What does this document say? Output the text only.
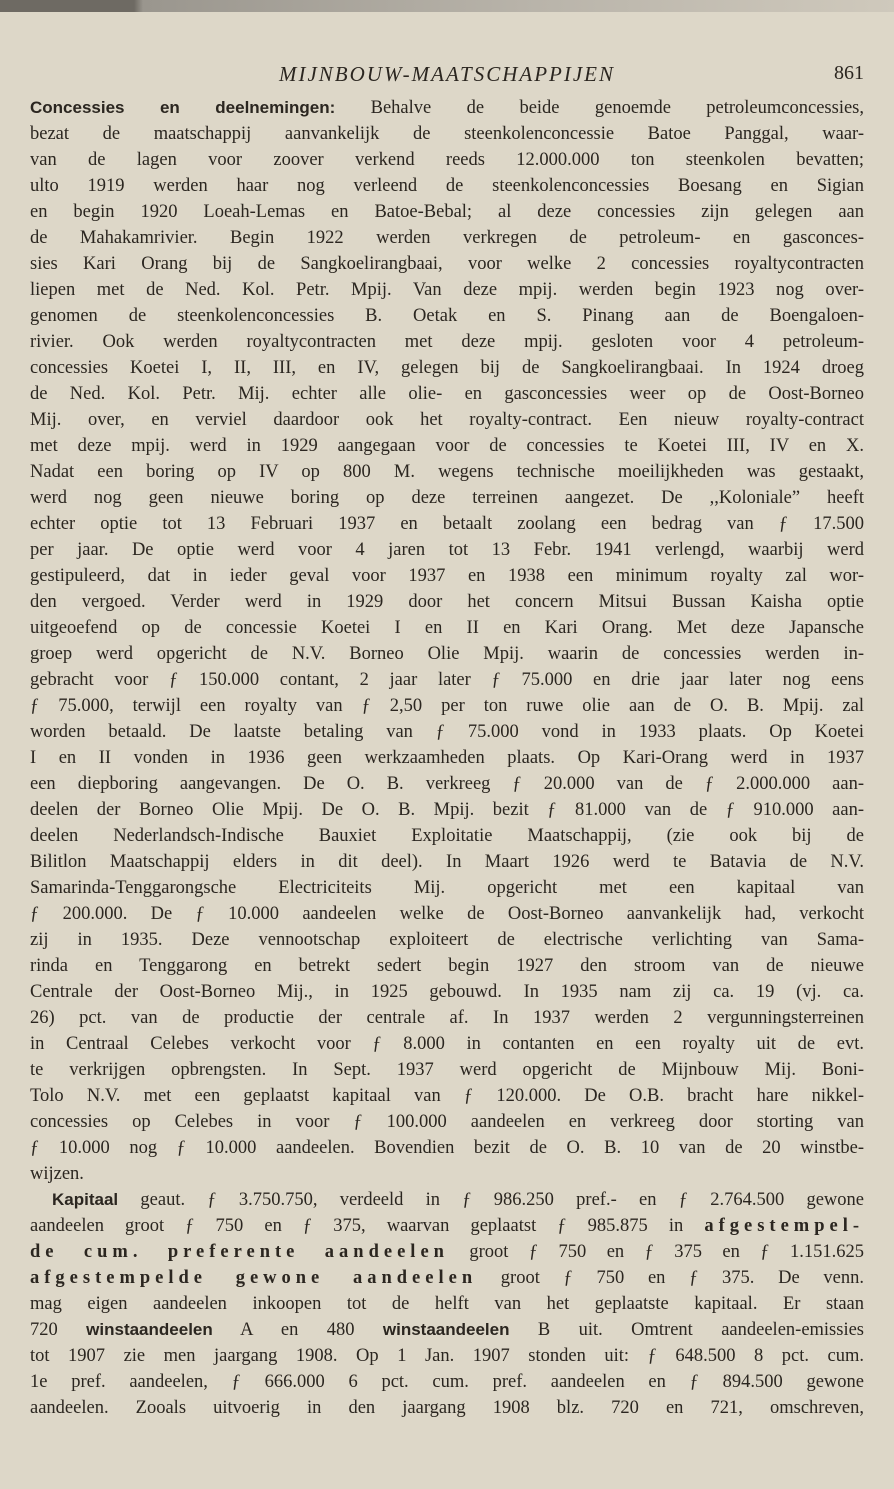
MIJNBOUW-MAATSCHAPPIJEN	861
Concessies en deelnemingen: Behalve de beide genoemde petroleumconcessies,
bezat de maatschappij aanvankelijk de steenkolenconcessie Batoe Panggal, waar-
van de lagen voor zoover verkend reeds 12.000.000 ton steenkolen bevatten;
ulto 1919 werden haar nog verleend de steenkolenconcessies Boesang en Sigian
en begin 1920 Loeah-Lemas en Batoe-Bebal; al deze concessies zijn gelegen aan
de Mahakamrivier. Begin 1922 werden verkregen de petroleum- en gasconces-
sies Kari Orang bij de Sangkoelirangbaai, voor welke 2 concessies royaltycontracten
liepen met de Ned. Kol. Petr. Mpij. Van deze mpij. werden begin 1923 nog over-
genomen de steenkolenconcessies B. Oetak en S. Pinang aan de Boengaloen-
rivier. Ook werden royaltycontracten met deze mpij. gesloten voor 4 petroleum-
concessies Koetei I, II, III, en IV, gelegen bij de Sangkoelirangbaai. In 1924 droeg
de Ned. Kol. Petr. Mij. echter alle olie- en gasconcessies weer op de Oost-Borneo
Mij. over, en verviel daardoor ook het royalty-contract. Een nieuw royalty-contract
met deze mpij. werd in 1929 aangegaan voor de concessies te Koetei III, IV en X.
Nadat een boring op IV op 800 M. wegens technische moeilijkheden was gestaakt,
werd nog geen nieuwe boring op deze terreinen aangezet. De ,,Koloniale” heeft
echter optie tot 13 Februari 1937 en betaalt zoolang een bedrag van ƒ 17.500
per jaar. De optie werd voor 4 jaren tot 13 Febr. 1941 verlengd, waarbij werd
gestipuleerd, dat in ieder geval voor 1937 en 1938 een minimum royalty zal wor-
den vergoed. Verder werd in 1929 door het concern Mitsui Bussan Kaisha optie
uitgeoefend op de concessie Koetei I en II en Kari Orang. Met deze Japansche
groep werd opgericht de N.V. Borneo Olie Mpij. waarin de concessies werden in-
gebracht voor ƒ 150.000 contant, 2 jaar later ƒ 75.000 en drie jaar later nog eens
ƒ 75.000, terwijl een royalty van ƒ 2,50 per ton ruwe olie aan de O. B. Mpij. zal
worden betaald. De laatste betaling van ƒ 75.000 vond in 1933 plaats. Op Koetei
I en II vonden in 1936 geen werkzaamheden plaats. Op Kari-Orang werd in 1937
een diepboring aangevangen. De O. B. verkreeg ƒ 20.000 van de ƒ 2.000.000 aan-
deelen der Borneo Olie Mpij. De O. B. Mpij. bezit ƒ 81.000 van de ƒ 910.000 aan-
deelen Nederlandsch-Indische Bauxiet Exploitatie Maatschappij, (zie ook bij de
Bilitlon Maatschappij elders in dit deel). In Maart 1926 werd te Batavia de N.V.
Samarinda-Tenggarongsche Electriciteits Mij. opgericht met een kapitaal van
ƒ 200.000. De ƒ 10.000 aandeelen welke de Oost-Borneo aanvankelijk had, verkocht
zij in 1935. Deze vennootschap exploiteert de electrische verlichting van Sama-
rinda en Tenggarong en betrekt sedert begin 1927 den stroom van de nieuwe
Centrale der Oost-Borneo Mij., in 1925 gebouwd. In 1935 nam zij ca. 19 (vj. ca.
26) pct. van de productie der centrale af. In 1937 werden 2 vergunningsterreinen
in Centraal Celebes verkocht voor ƒ 8.000 in contanten en een royalty uit de evt.
te verkrijgen opbrengsten. In Sept. 1937 werd opgericht de Mijnbouw Mij. Boni-
Tolo N.V. met een geplaatst kapitaal van ƒ 120.000. De O.B. bracht hare nikkel-
concessies op Celebes in voor ƒ 100.000 aandeelen en verkreeg door storting van
ƒ 10.000 nog ƒ 10.000 aandeelen. Bovendien bezit de O. B. 10 van de 20 winstbe-
wijzen.
Kapitaal geaut. ƒ 3.750.750, verdeeld in ƒ 986.250 pref.- en ƒ 2.764.500 gewone
aandeelen groot ƒ 750 en ƒ 375, waarvan geplaatst ƒ 985.875 in afgestempel-
de cum. preferente aandeelen groot ƒ 750 en ƒ 375 en ƒ 1.151.625
afgestempelde gewone aandeelen groot ƒ 750 en ƒ 375. De venn.
mag eigen aandeelen inkoopen tot de helft van het geplaatste kapitaal. Er staan
720 winstaandeelen A en 480 winstaandeelen B uit. Omtrent aandeelen-emissies
tot 1907 zie men jaargang 1908. Op 1 Jan. 1907 stonden uit: ƒ 648.500 8 pct. cum.
1e pref. aandeelen, ƒ 666.000 6 pct. cum. pref. aandeelen en ƒ 894.500 gewone
aandeelen. Zooals uitvoerig in den jaargang 1908 blz. 720 en 721, omschreven,
